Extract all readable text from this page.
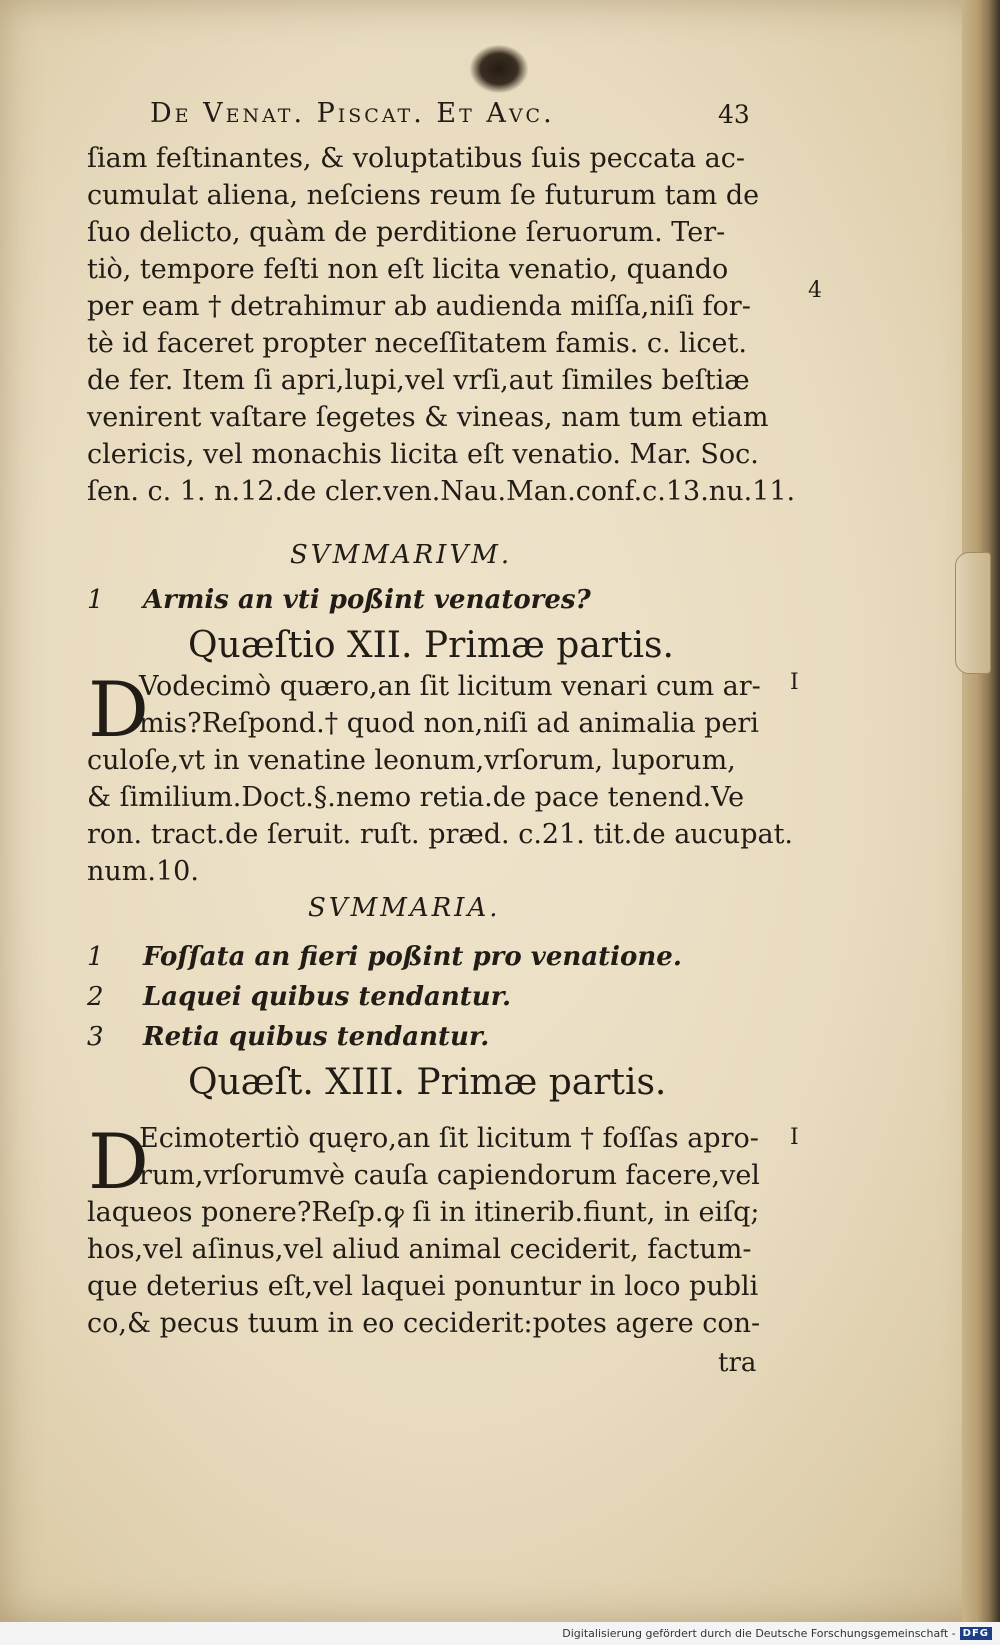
De Venat. Piscat. Et Avc.	43
ſiam feſtinantes, & voluptatibus ſuis peccata ac-
cumulat aliena, neſciens reum ſe futurum tam de
ſuo delicto, quàm de perditione ſeruorum. Ter-
tiò, tempore feſti non eſt licita venatio, quando
per eam † detrahimur ab audienda miſſa,niſi for-
tè id faceret propter neceſſitatem famis. c. licet.
de fer. Item ſi apri,lupi,vel vrſi,aut ſimiles beſtiæ
venirent vaſtare ſegetes & vineas, nam tum etiam
clericis, vel monachis licita eſt venatio. Mar. Soc.
ſen. c. 1. n.12.de cler.ven.Nau.Man.conf.c.13.nu.11.
4
SVMMARIVM.
1 Armis an vti poßint venatores?
Quæſtio XII. Primæ partis.
D
Vodecimò quæro,an ſit licitum venari cum ar-
mis?Reſpond.† quod non,niſi ad animalia peri
culoſe,vt in venatine leonum,vrſorum, luporum,
& ſimilium.Doct.§.nemo retia.de pace tenend.Ve
ron. tract.de ſeruit. ruſt. præd. c.21. tit.de aucupat.
num.10.
I
SVMMARIA.
1 Foſſata an fieri poßint pro venatione.
2 Laquei quibus tendantur.
3 Retia quibus tendantur.
Quæſt. XIII. Primæ partis.
D
Ecimotertiò quęro,an ſit licitum † foſſas apro-
rum,vrſorumvè cauſa capiendorum facere,vel
laqueos ponere?Reſp.ꝙ ſi in itinerib.fiunt, in eiſq;
hos,vel aſinus,vel aliud animal ceciderit, factum-
que deterius eſt,vel laquei ponuntur in loco publi
co,& pecus tuum in eo ceciderit:potes agere con-
I
tra
Digitalisierung gefördert durch die Deutsche Forschungsgemeinschaft - DFG
